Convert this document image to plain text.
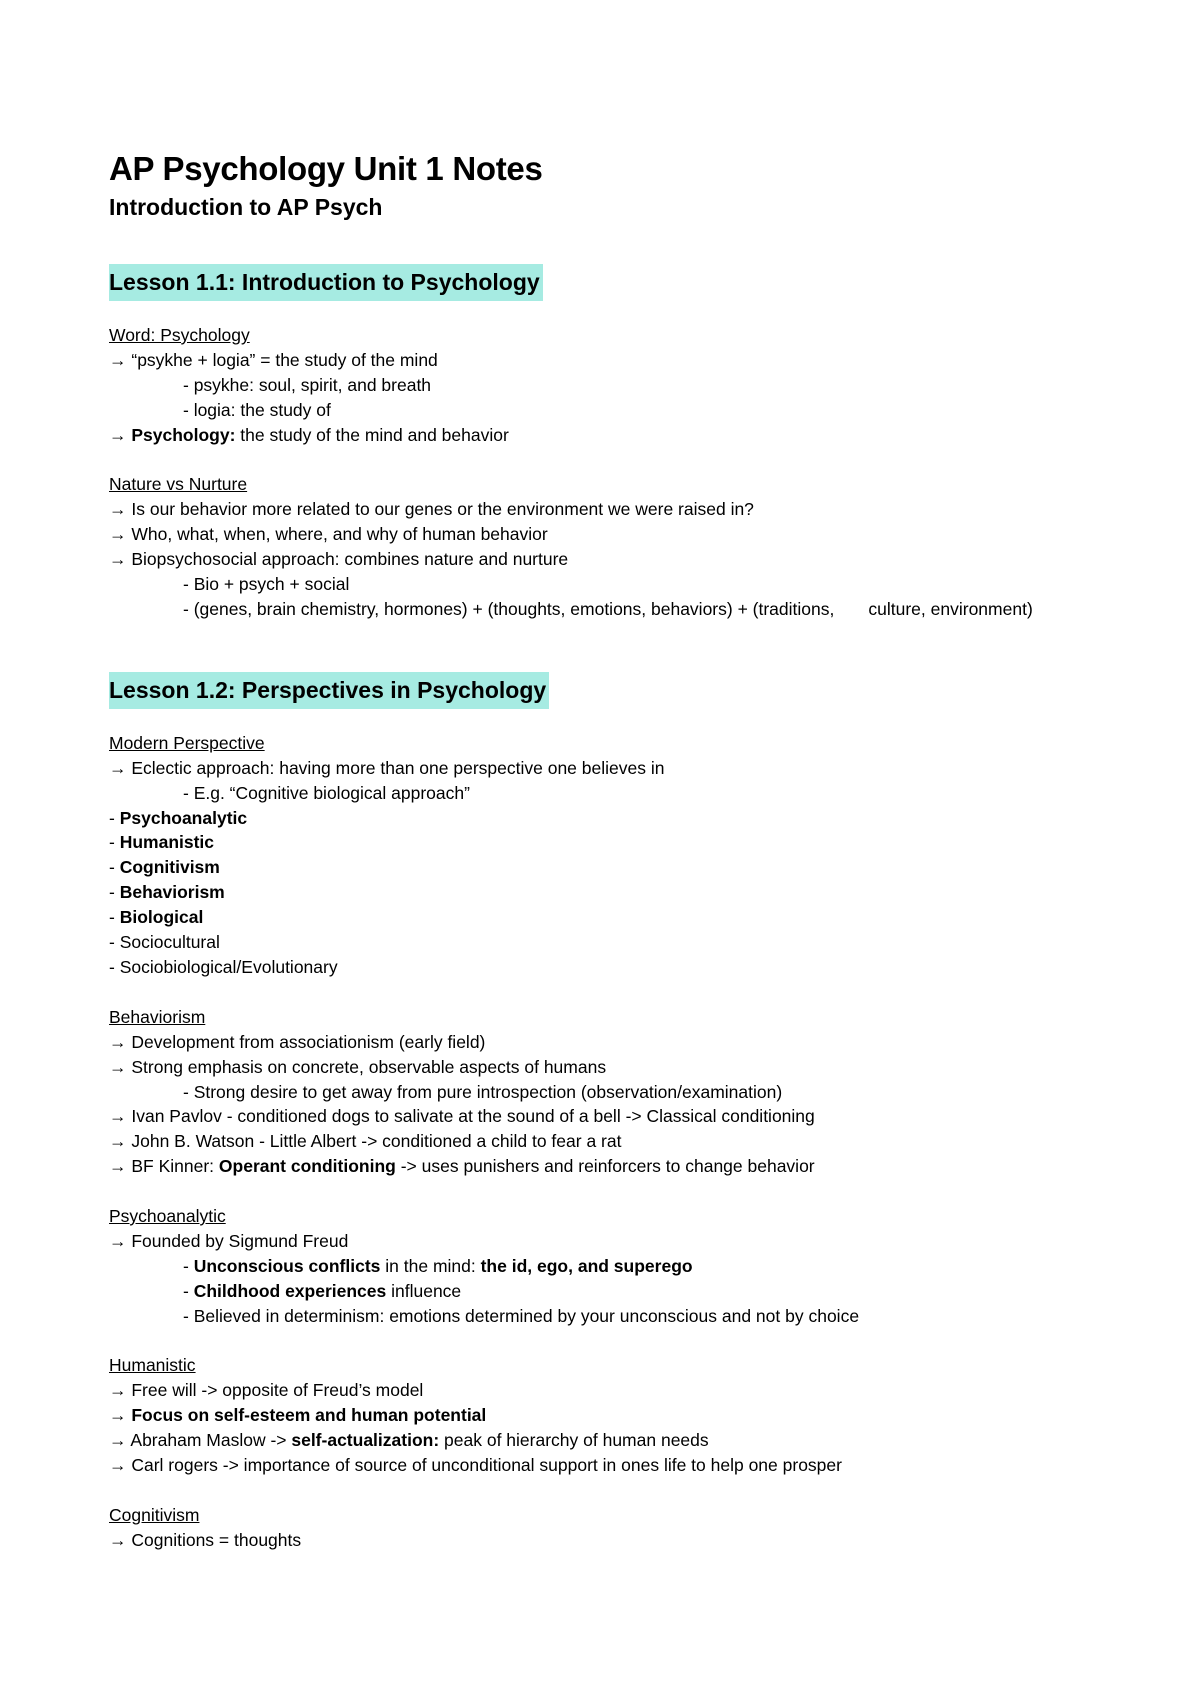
AP Psychology Unit 1 Notes
Introduction to AP Psych
Lesson 1.1: Introduction to Psychology
Word: Psychology
→ “psykhe + logia” = the study of the mind
- psykhe: soul, spirit, and breath
- logia: the study of
→ Psychology: the study of the mind and behavior
Nature vs Nurture
→ Is our behavior more related to our genes or the environment we were raised in?
→ Who, what, when, where, and why of human behavior
→ Biopsychosocial approach: combines nature and nurture
- Bio + psych + social
- (genes, brain chemistry, hormones) + (thoughts, emotions, behaviors) + (traditions,       culture, environment)
Lesson 1.2: Perspectives in Psychology
Modern Perspective
→ Eclectic approach: having more than one perspective one believes in
- E.g. “Cognitive biological approach”
- Psychoanalytic
- Humanistic
- Cognitivism
- Behaviorism
- Biological
- Sociocultural
- Sociobiological/Evolutionary
Behaviorism
→ Development from associationism (early field)
→ Strong emphasis on concrete, observable aspects of humans
- Strong desire to get away from pure introspection (observation/examination)
→ Ivan Pavlov - conditioned dogs to salivate at the sound of a bell -> Classical conditioning
→ John B. Watson - Little Albert -> conditioned a child to fear a rat
→ BF Kinner: Operant conditioning -> uses punishers and reinforcers to change behavior
Psychoanalytic
→ Founded by Sigmund Freud
- Unconscious conflicts in the mind: the id, ego, and superego
- Childhood experiences influence
- Believed in determinism: emotions determined by your unconscious and not by choice
Humanistic
→ Free will -> opposite of Freud’s model
→ Focus on self-esteem and human potential
→ Abraham Maslow -> self-actualization: peak of hierarchy of human needs
→ Carl rogers -> importance of source of unconditional support in ones life to help one prosper
Cognitivism
→ Cognitions = thoughts
